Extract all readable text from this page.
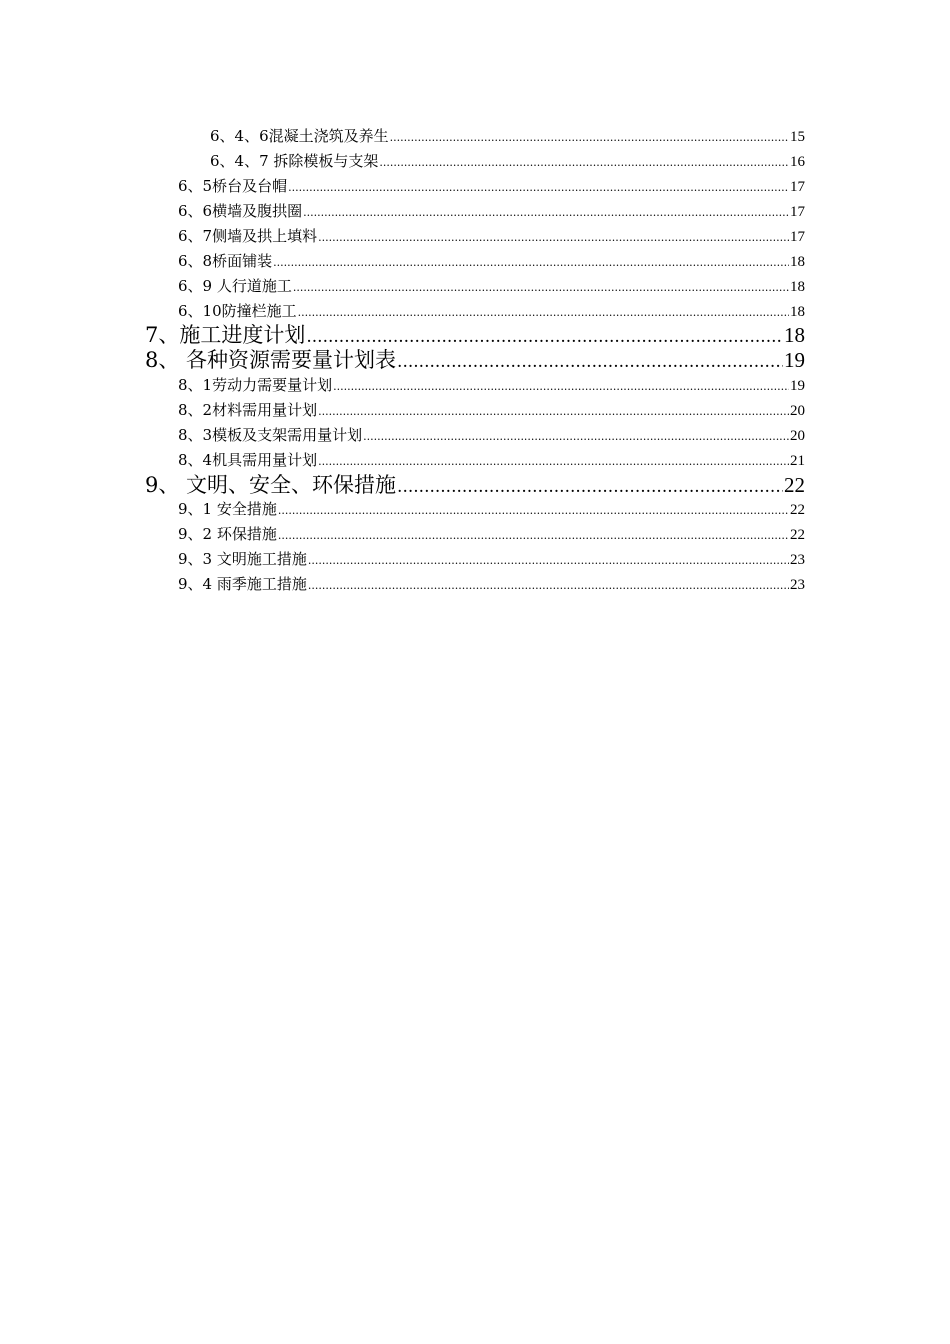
6、4、6混凝土浇筑及养生 .....	15
6、4、7 拆除模板与支架 .....	16
6、5桥台及台帽 .....	17
6、6横墙及腹拱圈 .....	17
6、7侧墙及拱上填料 .....	17
6、8桥面铺装 .....	18
6、9 人行道施工 .....	18
6、10防撞栏施工 .....	18
7、施工进度计划 .....	18
8、 各种资源需要量计划表 .....	19
8、1劳动力需要量计划 .....	19
8、2材料需用量计划 .....	20
8、3模板及支架需用量计划 .....	20
8、4机具需用量计划 .....	21
9、 文明、安全、环保措施 .....	22
9、1 安全措施 .....	22
9、2 环保措施 .....	22
9、3 文明施工措施 .....	23
9、4 雨季施工措施 .....	23
